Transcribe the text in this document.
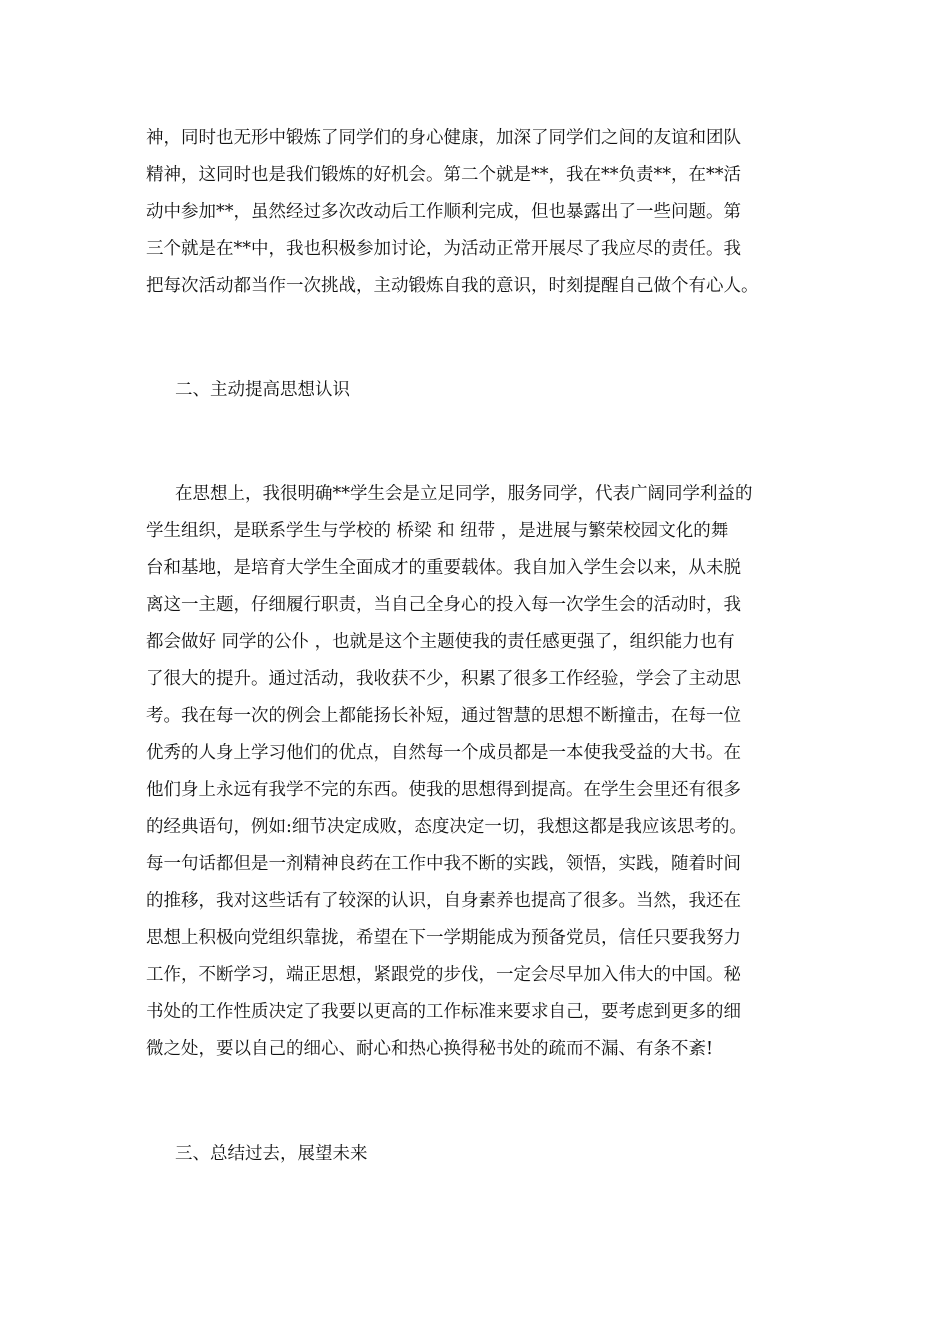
神，同时也无形中锻炼了同学们的身心健康，加深了同学们之间的友谊和团队
精神，这同时也是我们锻炼的好机会。第二个就是**，我在**负责**，在**活
动中参加**，虽然经过多次改动后工作顺利完成，但也暴露出了一些问题。第
三个就是在**中，我也积极参加讨论，为活动正常开展尽了我应尽的责任。我
把每次活动都当作一次挑战，主动锻炼自我的意识，时刻提醒自己做个有心人。
二、主动提高思想认识
在思想上，我很明确**学生会是立足同学，服务同学，代表广阔同学利益的
学生组织，是联系学生与学校的 桥梁 和 纽带 ，是进展与繁荣校园文化的舞
台和基地，是培育大学生全面成才的重要载体。我自加入学生会以来，从未脱
离这一主题，仔细履行职责，当自己全身心的投入每一次学生会的活动时，我
都会做好 同学的公仆 ，也就是这个主题使我的责任感更强了，组织能力也有
了很大的提升。通过活动，我收获不少，积累了很多工作经验，学会了主动思
考。我在每一次的例会上都能扬长补短，通过智慧的思想不断撞击，在每一位
优秀的人身上学习他们的优点，自然每一个成员都是一本使我受益的大书。在
他们身上永远有我学不完的东西。使我的思想得到提高。在学生会里还有很多
的经典语句，例如:细节决定成败，态度决定一切，我想这都是我应该思考的。
每一句话都但是一剂精神良药在工作中我不断的实践，领悟，实践，随着时间
的推移，我对这些话有了较深的认识，自身素养也提高了很多。当然，我还在
思想上积极向党组织靠拢，希望在下一学期能成为预备党员，信任只要我努力
工作，不断学习，端正思想，紧跟党的步伐，一定会尽早加入伟大的中国。秘
书处的工作性质决定了我要以更高的工作标准来要求自己，要考虑到更多的细
微之处，要以自己的细心、耐心和热心换得秘书处的疏而不漏、有条不紊!
三、总结过去，展望未来
